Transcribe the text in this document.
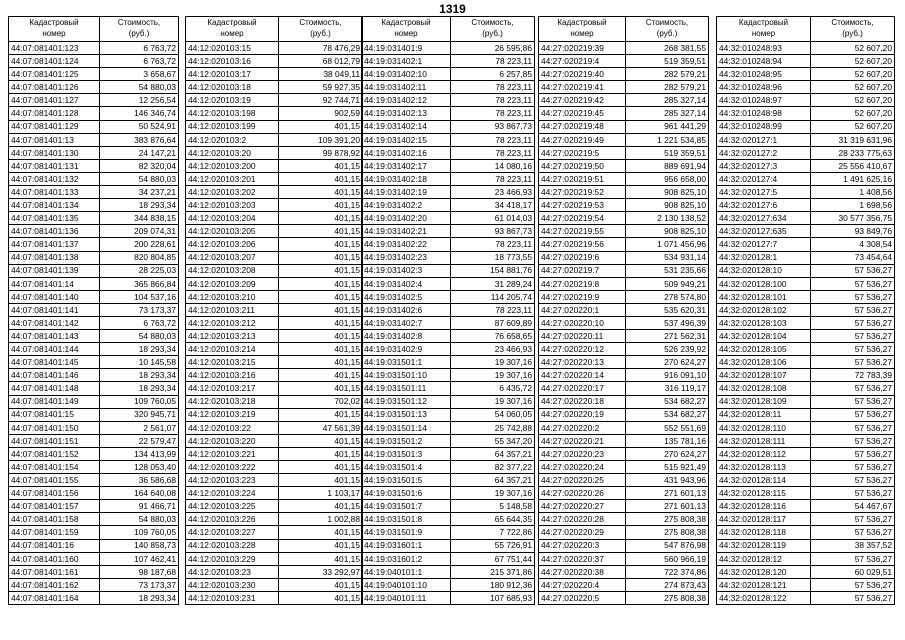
1319
Кадастровый
номер	Стоимость,
(руб.)
44:07:081401:123	6 763,72
44:07:081401:124	6 763,72
44:07:081401:125	3 658,67
44:07:081401:126	54 880,03
44:07:081401:127	12 256,54
44:07:081401:128	146 346,74
44:07:081401:129	50 524,91
44:07:081401:13	383 876,64
44:07:081401:130	24 147,21
44:07:081401:131	82 320,04
44:07:081401:132	54 880,03
44:07:081401:133	34 237,21
44:07:081401:134	18 293,34
44:07:081401:135	344 838,15
44:07:081401:136	209 074,31
44:07:081401:137	200 228,61
44:07:081401:138	820 804,85
44:07:081401:139	28 225,03
44:07:081401:14	365 866,84
44:07:081401:140	104 537,16
44:07:081401:141	73 173,37
44:07:081401:142	6 763,72
44:07:081401:143	54 880,03
44:07:081401:144	18 293,34
44:07:081401:145	10 145,58
44:07:081401:146	18 293,34
44:07:081401:148	18 293,34
44:07:081401:149	109 760,05
44:07:081401:15	320 945,71
44:07:081401:150	2 561,07
44:07:081401:151	22 579,47
44:07:081401:152	134 413,99
44:07:081401:154	128 053,40
44:07:081401:155	36 586,68
44:07:081401:156	164 640,08
44:07:081401:157	91 466,71
44:07:081401:158	54 880,03
44:07:081401:159	109 760,05
44:07:081401:16	140 858,73
44:07:081401:160	107 462,41
44:07:081401:161	98 187,68
44:07:081401:162	73 173,37
44:07:081401:164	18 293,34
Кадастровый
номер	Стоимость,
(руб.)
44:12:020103:15	78 476,29
44:12:020103:16	68 012,79
44:12:020103:17	38 049,11
44:12:020103:18	59 927,35
44:12:020103:19	92 744,71
44:12:020103:198	902,59
44:12:020103:199	401,15
44:12:020103:2	109 391,20
44:12:020103:20	99 878,92
44:12:020103:200	401,15
44:12:020103:201	401,15
44:12:020103:202	401,15
44:12:020103:203	401,15
44:12:020103:204	401,15
44:12:020103:205	401,15
44:12:020103:206	401,15
44:12:020103:207	401,15
44:12:020103:208	401,15
44:12:020103:209	401,15
44:12:020103:210	401,15
44:12:020103:211	401,15
44:12:020103:212	401,15
44:12:020103:213	401,15
44:12:020103:214	401,15
44:12:020103:215	401,15
44:12:020103:216	401,15
44:12:020103:217	401,15
44:12:020103:218	702,02
44:12:020103:219	401,15
44:12:020103:22	47 561,39
44:12:020103:220	401,15
44:12:020103:221	401,15
44:12:020103:222	401,15
44:12:020103:223	401,15
44:12:020103:224	1 103,17
44:12:020103:225	401,15
44:12:020103:226	1 002,88
44:12:020103:227	401,15
44:12:020103:228	401,15
44:12:020103:229	401,15
44:12:020103:23	33 292,97
44:12:020103:230	401,15
44:12:020103:231	401,15
Кадастровый
номер	Стоимость,
(руб.)
44:19:031401:9	26 595,86
44:19:031402:1	78 223,11
44:19:031402:10	6 257,85
44:19:031402:11	78 223,11
44:19:031402:12	78 223,11
44:19:031402:13	78 223,11
44:19:031402:14	93 867,73
44:19:031402:15	78 223,11
44:19:031402:16	78 223,11
44:19:031402:17	14 080,16
44:19:031402:18	78 223,11
44:19:031402:19	23 466,93
44:19:031402:2	34 418,17
44:19:031402:20	61 014,03
44:19:031402:21	93 867,73
44:19:031402:22	78 223,11
44:19:031402:23	18 773,55
44:19:031402:3	154 881,76
44:19:031402:4	31 289,24
44:19:031402:5	114 205,74
44:19:031402:6	78 223,11
44:19:031402:7	87 609,89
44:19:031402:8	76 658,65
44:19:031402:9	23 466,93
44:19:031501:1	19 307,16
44:19:031501:10	19 307,16
44:19:031501:11	6 435,72
44:19:031501:12	19 307,16
44:19:031501:13	54 060,05
44:19:031501:14	25 742,88
44:19:031501:2	55 347,20
44:19:031501:3	64 357,21
44:19:031501:4	82 377,22
44:19:031501:5	64 357,21
44:19:031501:6	19 307,16
44:19:031501:7	5 148,58
44:19:031501:8	65 644,35
44:19:031501:9	7 722,86
44:19:031601:1	55 726,91
44:19:031601:2	67 751,44
44:19:040101:1	215 371,86
44:19:040101:10	180 912,36
44:19:040101:11	107 685,93
Кадастровый
номер	Стоимость,
(руб.)
44:27:020219:39	268 381,55
44:27:020219:4	519 359,51
44:27:020219:40	282 579,21
44:27:020219:41	282 579,21
44:27:020219:42	285 327,14
44:27:020219:45	285 327,14
44:27:020219:48	961 441,29
44:27:020219:49	1 221 534,85
44:27:020219:5	519 359,51
44:27:020219:50	889 691,94
44:27:020219:51	956 658,00
44:27:020219:52	908 825,10
44:27:020219:53	908 825,10
44:27:020219:54	2 130 138,52
44:27:020219:55	908 825,10
44:27:020219:56	1 071 456,96
44:27:020219:6	534 931,14
44:27:020219:7	531 235,66
44:27:020219:8	509 949,21
44:27:020219:9	278 574,80
44:27:020220:1	535 620,31
44:27:020220:10	537 496,39
44:27:020220:11	271 562,31
44:27:020220:12	526 239,92
44:27:020220:13	270 624,27
44:27:020220:14	916 091,10
44:27:020220:17	316 119,17
44:27:020220:18	534 682,27
44:27:020220:19	534 682,27
44:27:020220:2	552 551,69
44:27:020220:21	135 781,16
44:27:020220:23	270 624,27
44:27:020220:24	515 921,49
44:27:020220:25	431 943,96
44:27:020220:26	271 601,13
44:27:020220:27	271 601,13
44:27:020220:28	275 808,38
44:27:020220:29	275 808,38
44:27:020220:3	547 876,98
44:27:020220:37	560 966,19
44:27:020220:38	722 374,86
44:27:020220:4	274 873,43
44:27:020220:5	275 808,38
Кадастровый
номер	Стоимость,
(руб.)
44:32:010248:93	52 607,20
44:32:010248:94	52 607,20
44:32:010248:95	52 607,20
44:32:010248:96	52 607,20
44:32:010248:97	52 607,20
44:32:010248:98	52 607,20
44:32:010248:99	52 607,20
44:32:020127:1	31 319 631,96
44:32:020127:2	28 233 775,63
44:32:020127:3	25 556 410,67
44:32:020127:4	1 491 625,16
44:32:020127:5	1 408,56
44:32:020127:6	1 698,56
44:32:020127:634	30 577 356,75
44:32:020127:635	93 849,76
44:32:020127:7	4 308,54
44:32:020128:1	73 454,64
44:32:020128:10	57 536,27
44:32:020128:100	57 536,27
44:32:020128:101	57 536,27
44:32:020128:102	57 536,27
44:32:020128:103	57 536,27
44:32:020128:104	57 536,27
44:32:020128:105	57 536,27
44:32:020128:106	57 536,27
44:32:020128:107	72 783,39
44:32:020128:108	57 536,27
44:32:020128:109	57 536,27
44:32:020128:11	57 536,27
44:32:020128:110	57 536,27
44:32:020128:111	57 536,27
44:32:020128:112	57 536,27
44:32:020128:113	57 536,27
44:32:020128:114	57 536,27
44:32:020128:115	57 536,27
44:32:020128:116	54 467,67
44:32:020128:117	57 536,27
44:32:020128:118	57 536,27
44:32:020128:119	38 357,52
44:32:020128:12	57 536,27
44:32:020128:120	60 029,51
44:32:020128:121	57 536,27
44:32:020128:122	57 536,27
